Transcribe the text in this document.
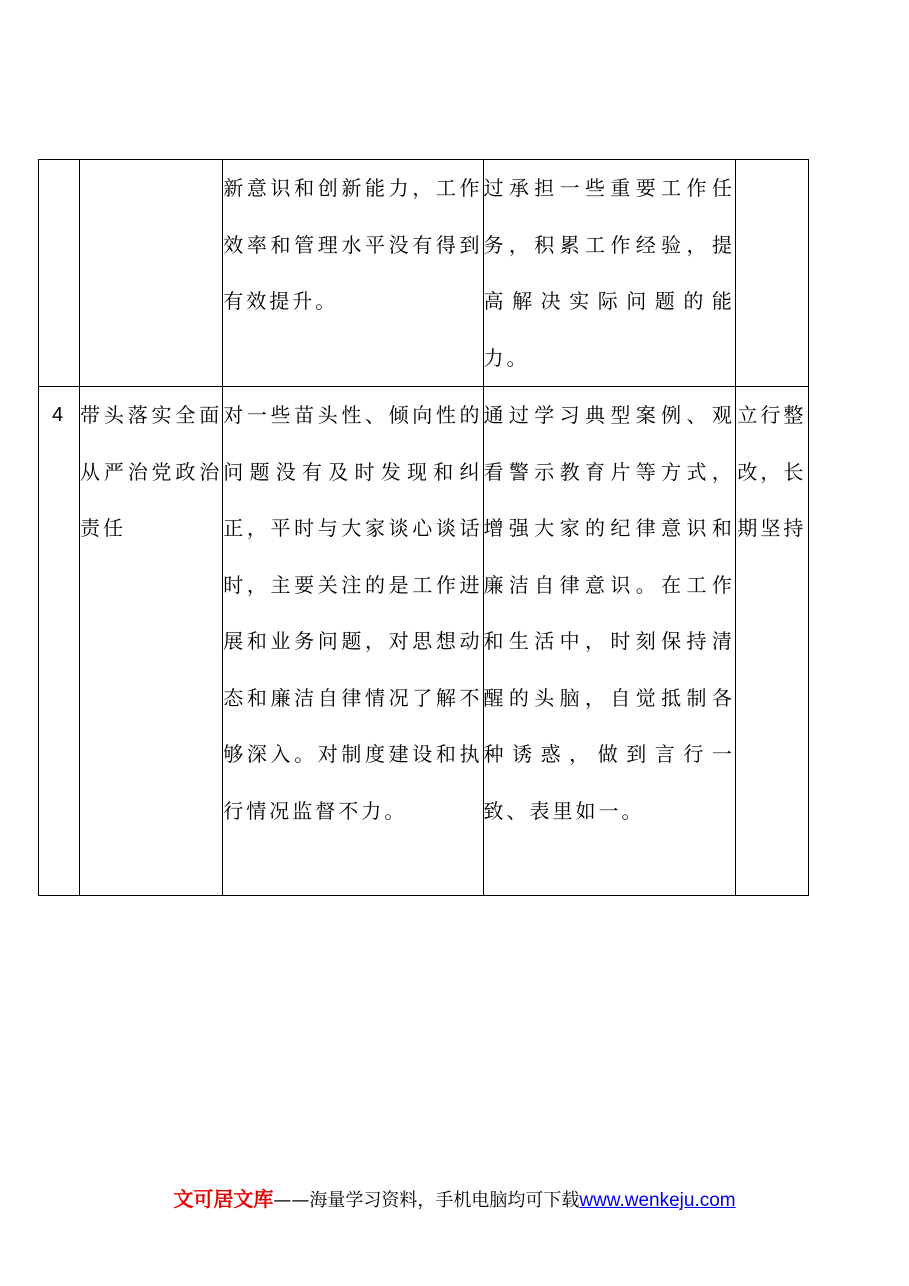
		新意识和创新能力，工作效率和管理水平没有得到有效提升。	过承担一些重要工作任务，积累工作经验，提高解决实际问题的能力。	
4	带头落实全面从严治党政治责任	对一些苗头性、倾向性的问题没有及时发现和纠正，平时与大家谈心谈话时，主要关注的是工作进展和业务问题，对思想动态和廉洁自律情况了解不够深入。对制度建设和执行情况监督不力。	通过学习典型案例、观看警示教育片等方式，增强大家的纪律意识和廉洁自律意识。在工作和生活中，时刻保持清醒的头脑，自觉抵制各种诱惑，做到言行一致、表里如一。	立行整改，长期坚持
文可居文库——海量学习资料，手机电脑均可下载www.wenkeju.com
